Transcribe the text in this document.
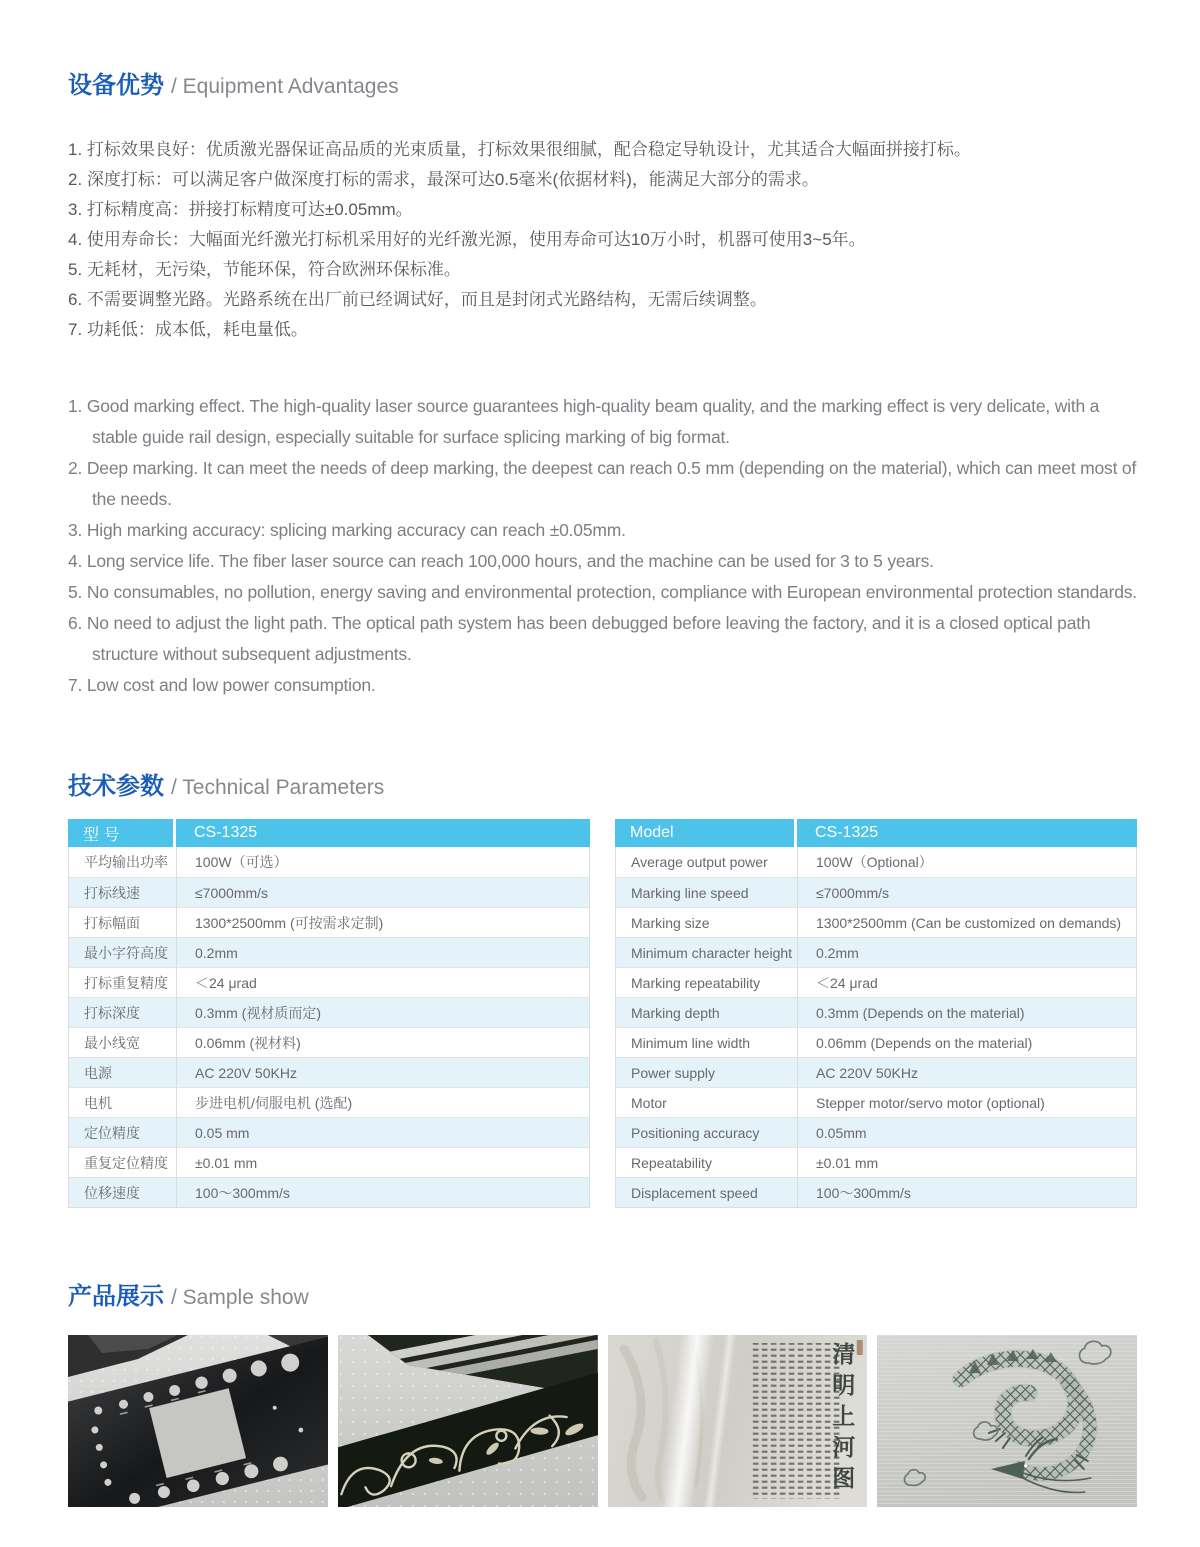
设备优势 / Equipment Advantages
1. 打标效果良好：优质激光器保证高品质的光束质量，打标效果很细腻，配合稳定导轨设计，尤其适合大幅面拼接打标。
2. 深度打标：可以满足客户做深度打标的需求，最深可达0.5毫米(依据材料)，能满足大部分的需求。
3. 打标精度高：拼接打标精度可达±0.05mm。
4. 使用寿命长：大幅面光纤激光打标机采用好的光纤激光源，使用寿命可达10万小时，机器可使用3~5年。
5. 无耗材，无污染，节能环保，符合欧洲环保标准。
6. 不需要调整光路。光路系统在出厂前已经调试好，而且是封闭式光路结构，无需后续调整。
7. 功耗低：成本低，耗电量低。
1. Good marking effect. The high-quality laser source guarantees high-quality beam quality, and the marking effect is very delicate, with a stable guide rail design, especially suitable for surface splicing marking of big format.
2. Deep marking. It can meet the needs of deep marking, the deepest can reach 0.5 mm (depending on the material), which can meet most of the needs.
3. High marking accuracy: splicing marking accuracy can reach ±0.05mm.
4. Long service life. The fiber laser source can reach 100,000 hours, and the machine can be used for 3 to 5 years.
5. No consumables, no pollution, energy saving and environmental protection, compliance with European environmental protection standards.
6. No need to adjust the light path. The optical path system has been debugged before leaving the factory, and it is a closed optical path structure without subsequent adjustments.
7. Low cost and low power consumption.
技术参数 / Technical Parameters
型 号	CS-1325
平均输出功率	100W（可选）
打标线速	≤7000mm/s
打标幅面	1300*2500mm (可按需求定制)
最小字符高度	0.2mm
打标重复精度	＜24 μrad
打标深度	0.3mm (视材质而定)
最小线宽	0.06mm (视材料)
电源	AC 220V 50KHz
电机	步进电机/伺服电机 (选配)
定位精度	0.05 mm
重复定位精度	±0.01 mm
位移速度	100～300mm/s
Model	CS-1325
Average output power	100W（Optional）
Marking line speed	≤7000mm/s
Marking size	1300*2500mm (Can be customized on demands)
Minimum character height	0.2mm
Marking repeatability	＜24 μrad
Marking depth	0.3mm (Depends on the material)
Minimum line width	0.06mm (Depends on the material)
Power supply	AC 220V 50KHz
Motor	Stepper motor/servo motor (optional)
Positioning accuracy	0.05mm
Repeatability	±0.01 mm
Displacement speed	100～300mm/s
产品展示 / Sample show
清明上河图
